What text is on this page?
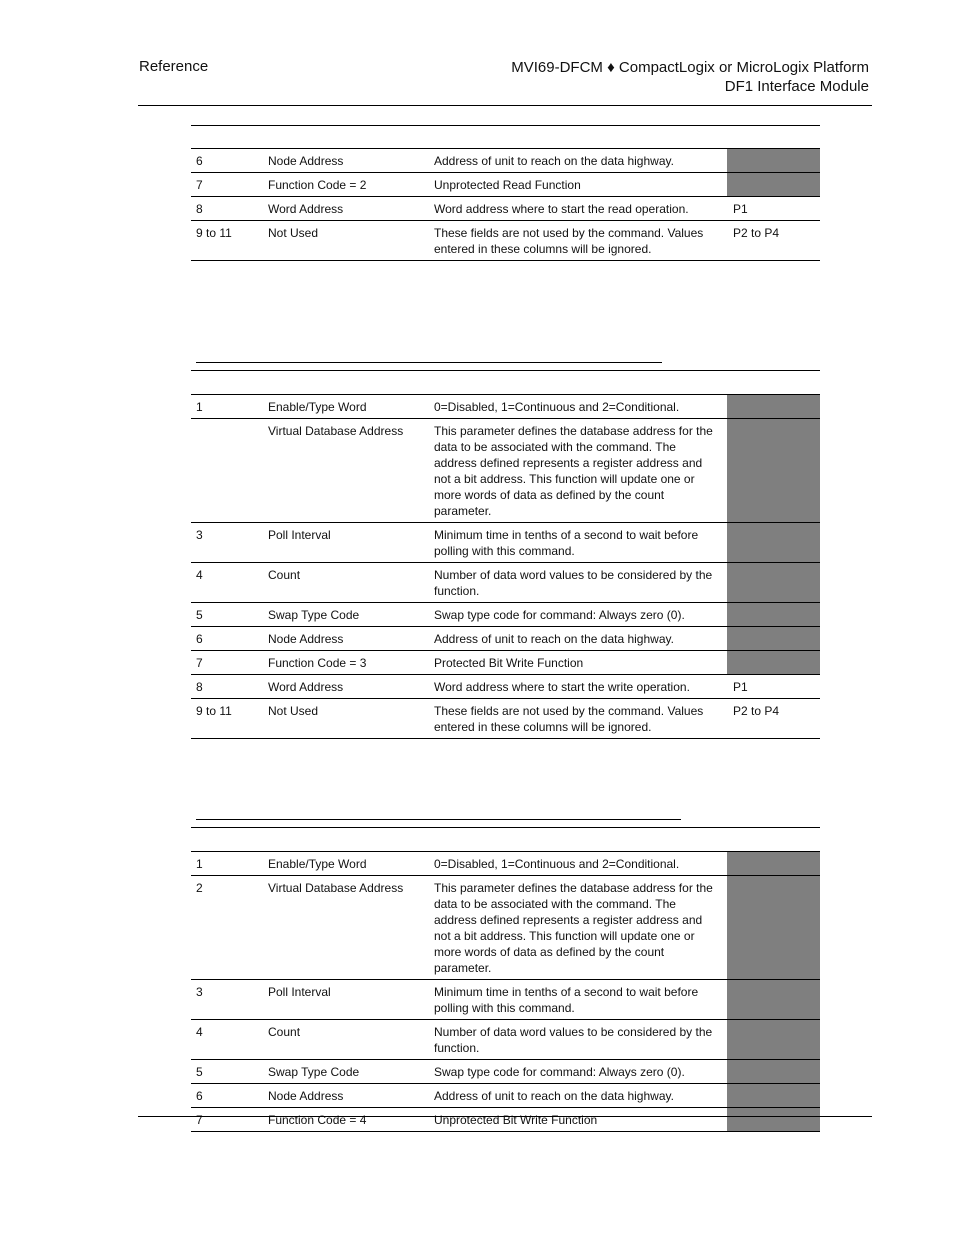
Reference	MVI69-DFCM ♦ CompactLogix or MicroLogix Platform
DF1 Interface Module
6	Node Address	Address of unit to reach on the data highway.	
7	Function Code = 2	Unprotected Read Function	
8	Word Address	Word address where to start the read operation.	P1
9 to 11	Not Used	These fields are not used by the command. Values entered in these columns will be ignored.	P2 to P4
1	Enable/Type Word	0=Disabled, 1=Continuous and 2=Conditional.	
	Virtual Database Address	This parameter defines the database address for the data to be associated with the command. The address defined represents a register address and not a bit address. This function will update one or more words of data as defined by the count parameter.	
3	Poll Interval	Minimum time in tenths of a second to wait before polling with this command.	
4	Count	Number of data word values to be considered by the function.	
5	Swap Type Code	Swap type code for command: Always zero (0).	
6	Node Address	Address of unit to reach on the data highway.	
7	Function Code = 3	Protected Bit Write Function	
8	Word Address	Word address where to start the write operation.	P1
9 to 11	Not Used	These fields are not used by the command. Values entered in these columns will be ignored.	P2 to P4
1	Enable/Type Word	0=Disabled, 1=Continuous and 2=Conditional.	
2	Virtual Database Address	This parameter defines the database address for the data to be associated with the command. The address defined represents a register address and not a bit address. This function will update one or more words of data as defined by the count parameter.	
3	Poll Interval	Minimum time in tenths of a second to wait before polling with this command.	
4	Count	Number of data word values to be considered by the function.	
5	Swap Type Code	Swap type code for command: Always zero (0).	
6	Node Address	Address of unit to reach on the data highway.	
7	Function Code = 4	Unprotected Bit Write Function	
